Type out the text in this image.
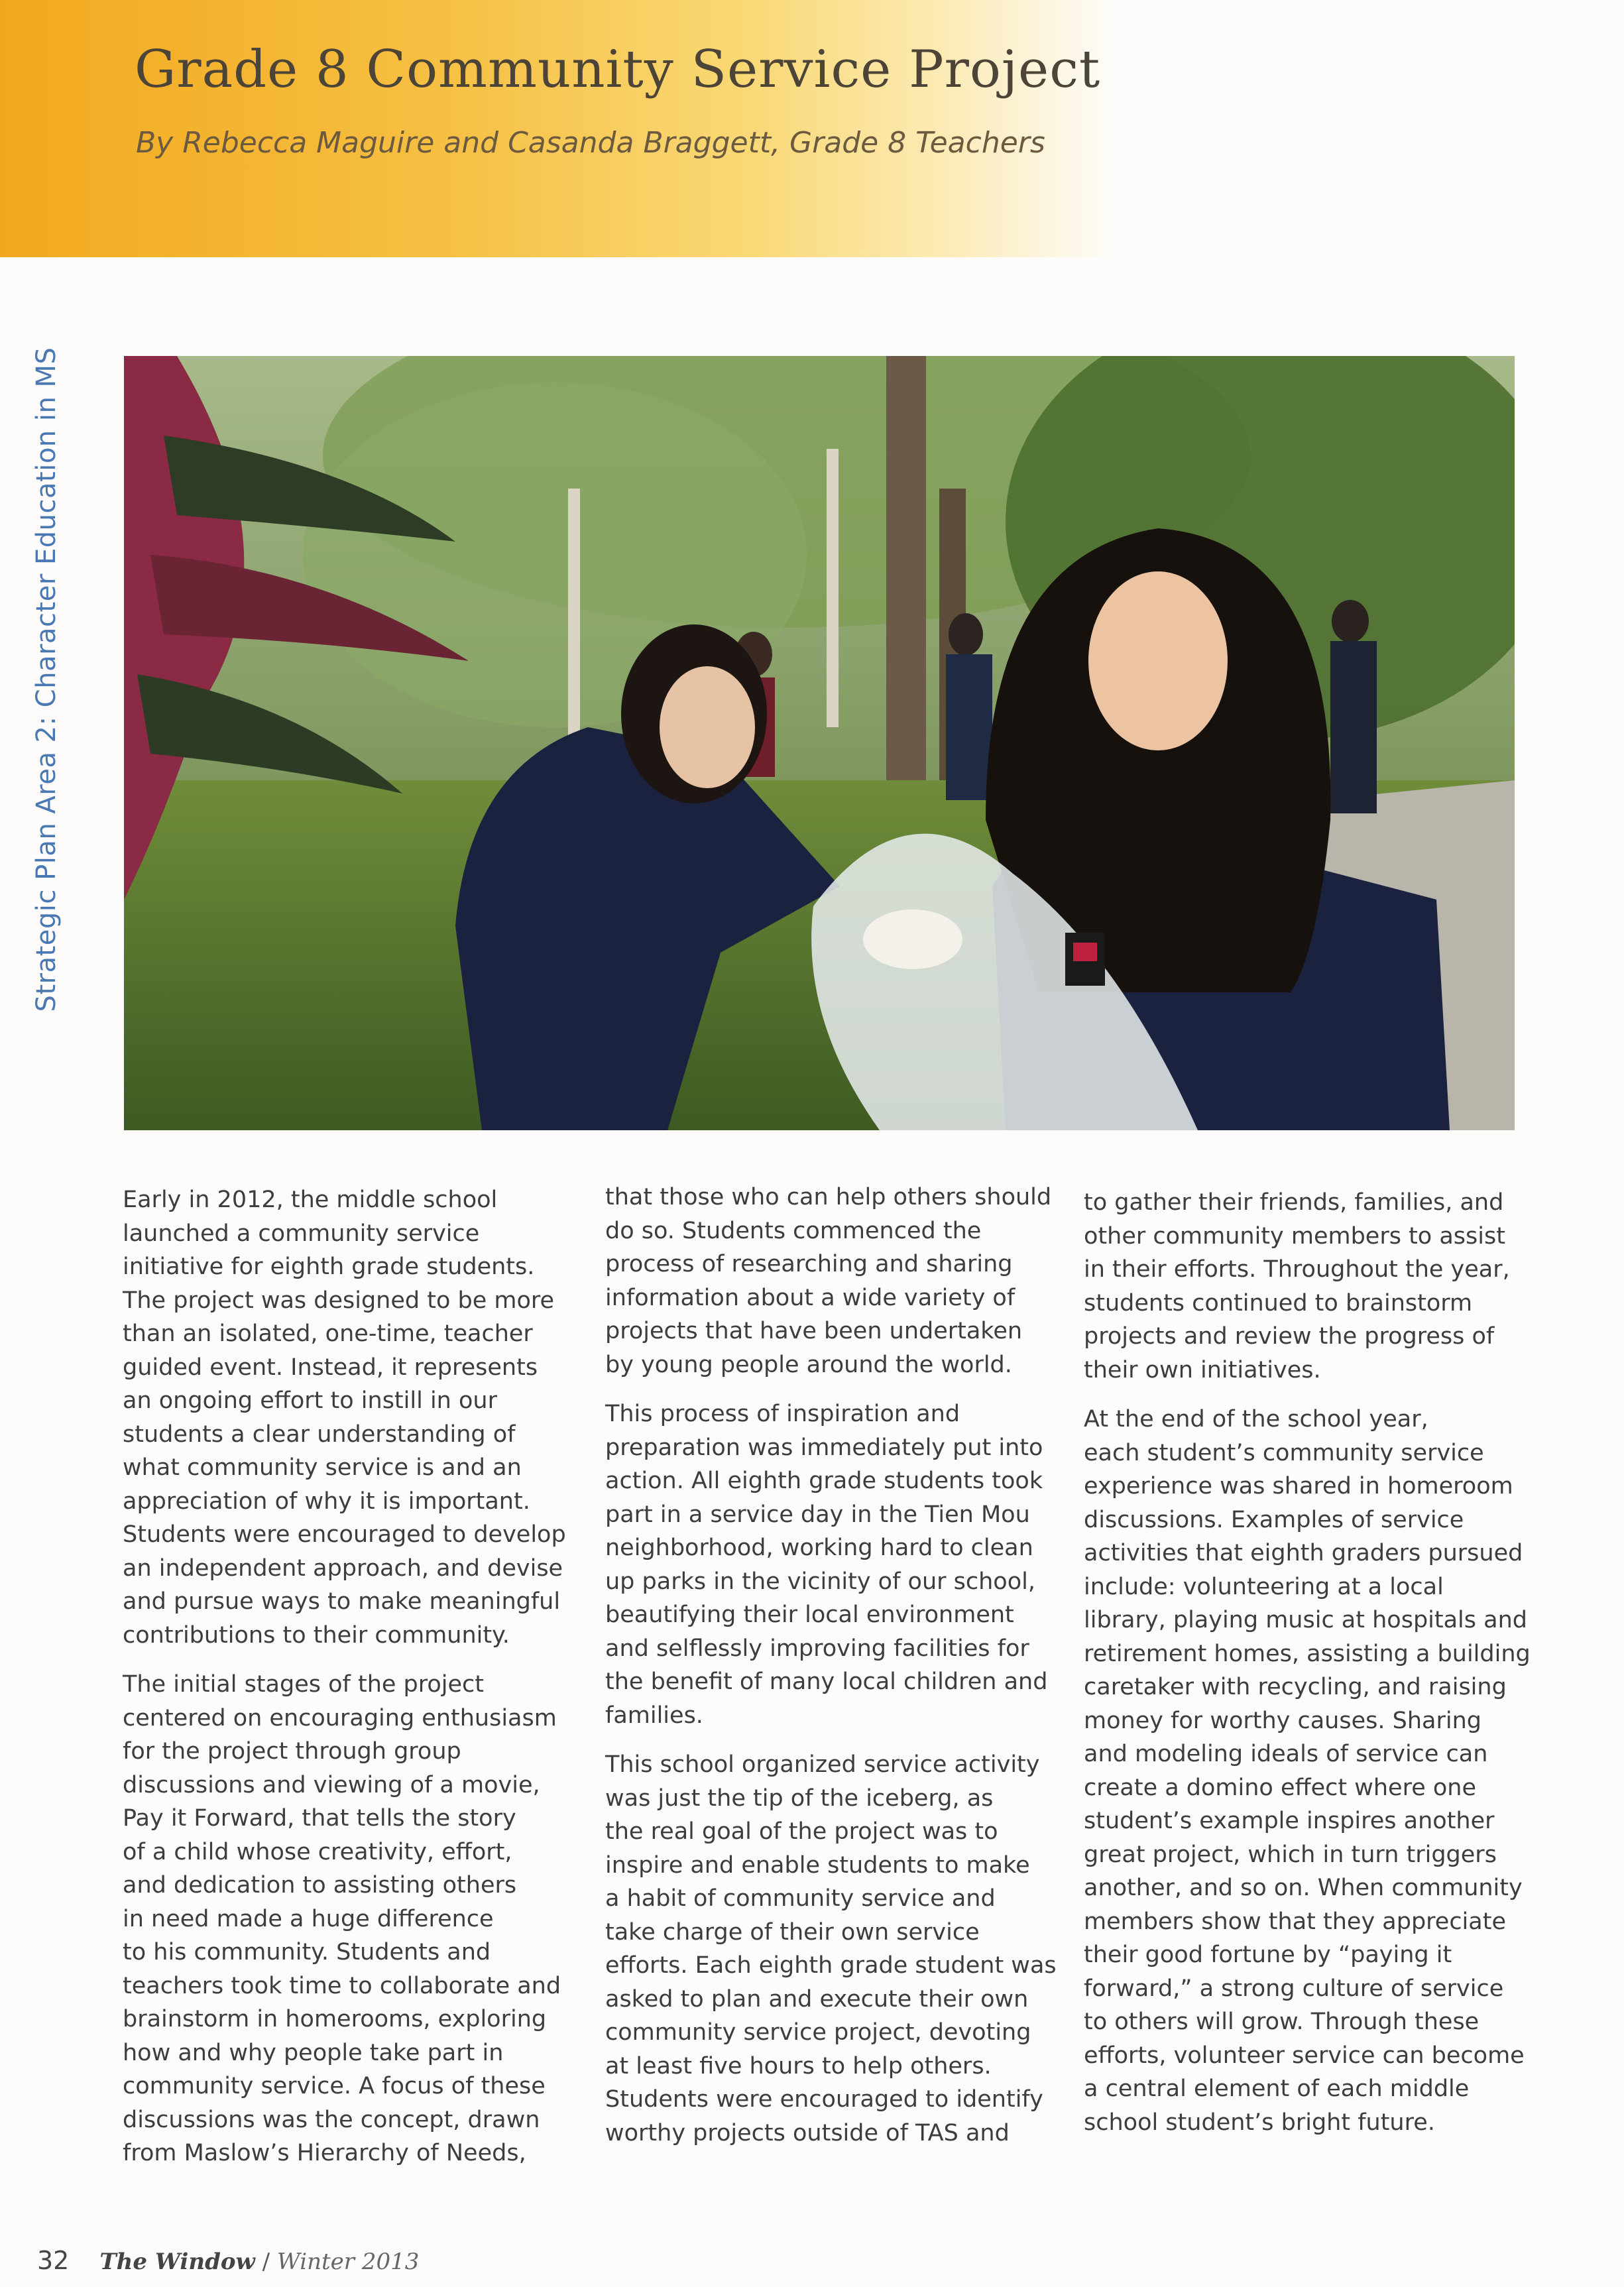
Grade 8 Community Service Project

By Rebecca Maguire and Casanda Braggett, Grade 8 Teachers

Strategic Plan Area 2: Character Education in MS

Early in 2012, the middle school
launched a community service
initiative for eighth grade students.
The project was designed to be more
than an isolated, one-time, teacher
guided event. Instead, it represents
an ongoing effort to instill in our
students a clear understanding of
what community service is and an
appreciation of why it is important.
Students were encouraged to develop
an independent approach, and devise
and pursue ways to make meaningful
contributions to their community.

The initial stages of the project
centered on encouraging enthusiasm
for the project through group
discussions and viewing of a movie,
Pay it Forward, that tells the story
of a child whose creativity, effort,
and dedication to assisting others
in need made a huge difference
to his community. Students and
teachers took time to collaborate and
brainstorm in homerooms, exploring
how and why people take part in
community service. A focus of these
discussions was the concept, drawn
from Maslow’s Hierarchy of Needs,

that those who can help others should
do so. Students commenced the
process of researching and sharing
information about a wide variety of
projects that have been undertaken
by young people around the world.

This process of inspiration and
preparation was immediately put into
action. All eighth grade students took
part in a service day in the Tien Mou
neighborhood, working hard to clean
up parks in the vicinity of our school,
beautifying their local environment
and selflessly improving facilities for
the benefit of many local children and
families.

This school organized service activity
was just the tip of the iceberg, as
the real goal of the project was to
inspire and enable students to make
a habit of community service and
take charge of their own service
efforts. Each eighth grade student was
asked to plan and execute their own
community service project, devoting
at least five hours to help others.
Students were encouraged to identify
worthy projects outside of TAS and

to gather their friends, families, and
other community members to assist
in their efforts. Throughout the year,
students continued to brainstorm
projects and review the progress of
their own initiatives.

At the end of the school year,
each student’s community service
experience was shared in homeroom
discussions. Examples of service
activities that eighth graders pursued
include: volunteering at a local
library, playing music at hospitals and
retirement homes, assisting a building
caretaker with recycling, and raising
money for worthy causes. Sharing
and modeling ideals of service can
create a domino effect where one
student’s example inspires another
great project, which in turn triggers
another, and so on. When community
members show that they appreciate
their good fortune by “paying it
forward,” a strong culture of service
to others will grow. Through these
efforts, volunteer service can become
a central element of each middle
school student’s bright future.

32 The Window / Winter 2013
